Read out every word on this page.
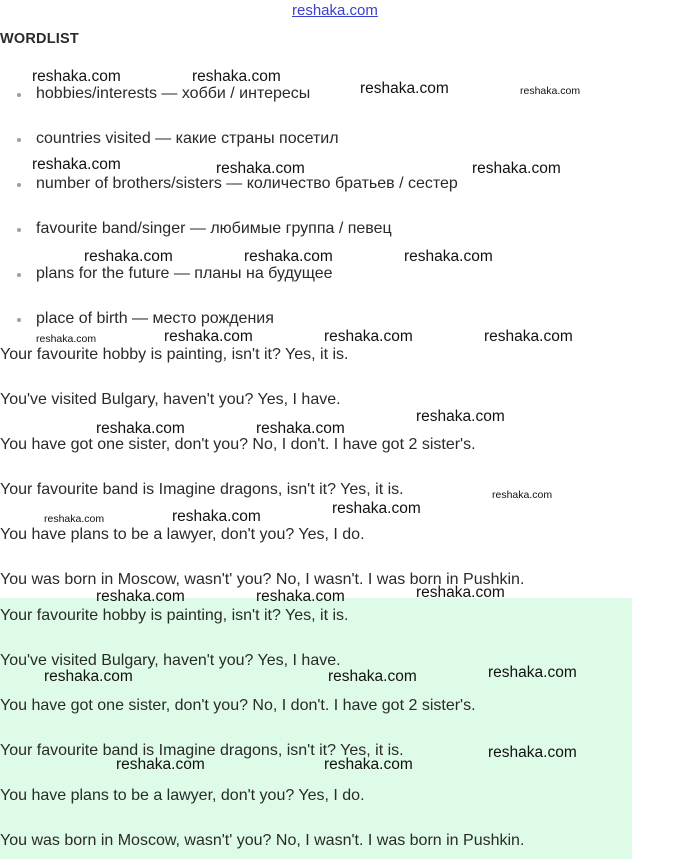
reshaka.com
WORDLIST
hobbies/interests — хобби / интересы
countries visited — какие страны посетил
number of brothers/sisters — количество братьев / сестер
favourite band/singer — любимые группа / певец
plans for the future — планы на будущее
place of birth — место рождения
Your favourite hobby is painting, isn't it? Yes, it is.
You've visited Bulgary, haven't you? Yes, I have.
You have got one sister, don't you? No, I don't. I have got 2 sister's.
Your favourite band is Imagine dragons, isn't it? Yes, it is.
You have plans to be a lawyer, don't you? Yes, I do.
You was born in Moscow, wasn't' you? No, I wasn't. I was born in Pushkin.
Your favourite hobby is painting, isn't it? Yes, it is.
You've visited Bulgary, haven't you? Yes, I have.
You have got one sister, don't you? No, I don't. I have got 2 sister's.
Your favourite band is Imagine dragons, isn't it? Yes, it is.
You have plans to be a lawyer, don't you? Yes, I do.
You was born in Moscow, wasn't' you? No, I wasn't. I was born in Pushkin.
reshaka.com	reshaka.com
reshaka.com	reshaka.com
reshaka.com	reshaka.com	reshaka.com
reshaka.com	reshaka.com	reshaka.com
reshaka.com	reshaka.com	reshaka.com	reshaka.com
reshaka.com
reshaka.com	reshaka.com
reshaka.com
reshaka.com
reshaka.com	reshaka.com
reshaka.com
reshaka.com	reshaka.com
reshaka.com
reshaka.com	reshaka.com
reshaka.com
reshaka.com	reshaka.com
